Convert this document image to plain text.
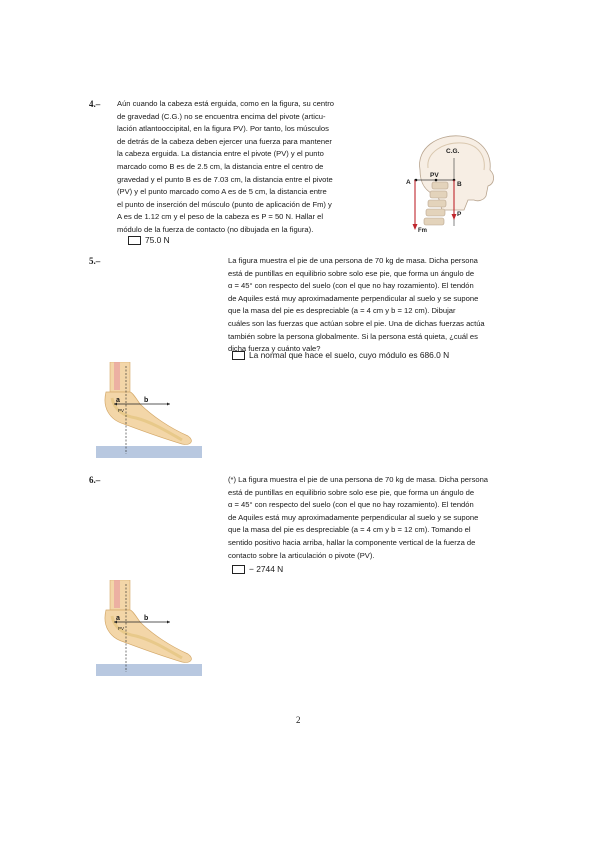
4.– Aún cuando la cabeza está erguida, como en la figura, su centro
de gravedad (C.G.) no se encuentra encima del pivote (articu-
lación atlantooccipital, en la figura PV). Por tanto, los músculos
de detrás de la cabeza deben ejercer una fuerza para mantener
la cabeza erguida. La distancia entre el pivote (PV) y el punto
marcado como B es de 2.5 cm, la distancia entre el centro de
gravedad y el punto B es de 7.03 cm, la distancia entre el pivote
(PV) y el punto marcado como A es de 5 cm, la distancia entre
el punto de inserción del músculo (punto de aplicación de Fm) y
A es de 1.12 cm y el peso de la cabeza es P = 50 N. Hallar el
módulo de la fuerza de contacto (no dibujada en la figura).
75.0 N
C.G.
A
PV
B
P
Fm
5.–	La figura muestra el pie de una persona de 70 kg de masa. Dicha persona
está de puntillas en equilibrio sobre solo ese pie, que forma un ángulo de
α = 45° con respecto del suelo (con el que no hay rozamiento). El tendón
de Aquiles está muy aproximadamente perpendicular al suelo y se supone
que la masa del pie es despreciable (a = 4 cm y b = 12 cm). Dibujar
cuáles son las fuerzas que actúan sobre el pie. Una de dichas fuerzas actúa
también sobre la persona globalmente. Si la persona está quieta, ¿cuál es
dicha fuerza y cuánto vale?
La normal que hace el suelo, cuyo módulo es 686.0 N
a	b
PV
6.–	(*) La figura muestra el pie de una persona de 70 kg de masa. Dicha persona
está de puntillas en equilibrio sobre solo ese pie, que forma un ángulo de
α = 45° con respecto del suelo (con el que no hay rozamiento). El tendón
de Aquiles está muy aproximadamente perpendicular al suelo y se supone
que la masa del pie es despreciable (a = 4 cm y b = 12 cm). Tomando el
sentido positivo hacia arriba, hallar la componente vertical de la fuerza de
contacto sobre la articulación o pivote (PV).
− 2744 N
a	b
PV
2
